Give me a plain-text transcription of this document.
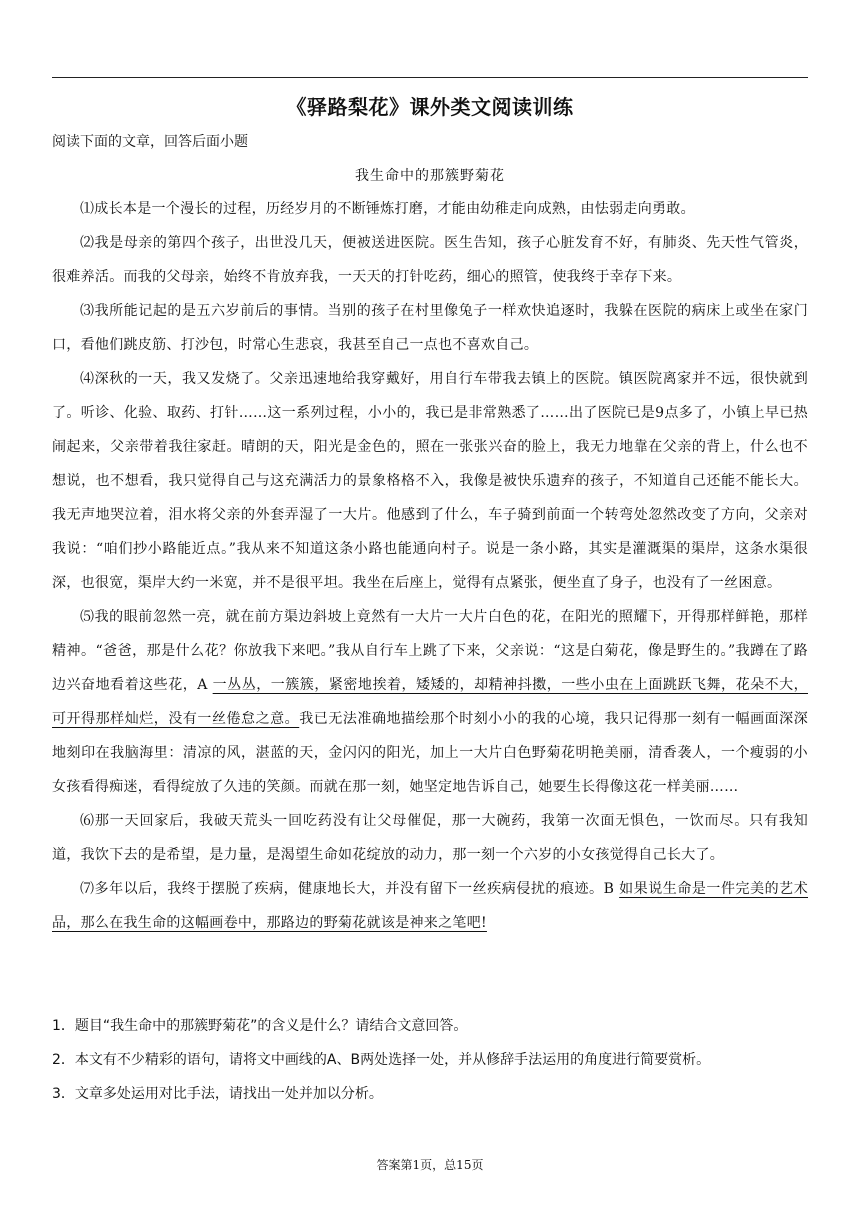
《驿路梨花》课外类文阅读训练
阅读下面的文章，回答后面小题
我生命中的那簇野菊花

⑴成长本是一个漫长的过程，历经岁月的不断锤炼打磨，才能由幼稚走向成熟，由怯弱走向勇敢。

⑵我是母亲的第四个孩子，出世没几天，便被送进医院。医生告知，孩子心脏发育不好，有肺炎、先天性气管炎，很难养活。而我的父母亲，始终不肯放弃我，一天天的打针吃药，细心的照管，使我终于幸存下来。

⑶我所能记起的是五六岁前后的事情。当别的孩子在村里像兔子一样欢快追逐时，我躲在医院的病床上或坐在家门口，看他们跳皮筋、打沙包，时常心生悲哀，我甚至自己一点也不喜欢自己。

⑷深秋的一天，我又发烧了。父亲迅速地给我穿戴好，用自行车带我去镇上的医院。镇医院离家并不远，很快就到了。听诊、化验、取药、打针……这一系列过程，小小的，我已是非常熟悉了……出了医院已是9点多了，小镇上早已热闹起来，父亲带着我往家赶。晴朗的天，阳光是金色的，照在一张张兴奋的脸上，我无力地靠在父亲的背上，什么也不想说，也不想看，我只觉得自己与这充满活力的景象格格不入，我像是被快乐遗弃的孩子，不知道自己还能不能长大。我无声地哭泣着，泪水将父亲的外套弄湿了一大片。他感到了什么，车子骑到前面一个转弯处忽然改变了方向，父亲对我说：“咱们抄小路能近点。”我从来不知道这条小路也能通向村子。说是一条小路，其实是灌溉渠的渠岸，这条水渠很深，也很宽，渠岸大约一米宽，并不是很平坦。我坐在后座上，觉得有点紧张，便坐直了身子，也没有了一丝困意。

⑸我的眼前忽然一亮，就在前方渠边斜坡上竟然有一大片一大片白色的花，在阳光的照耀下，开得那样鲜艳，那样精神。“爸爸，那是什么花？你放我下来吧。”我从自行车上跳了下来，父亲说：“这是白菊花，像是野生的。”我蹲在了路边兴奋地看着这些花，A 一丛丛，一簇簇，紧密地挨着，矮矮的，却精神抖擞，一些小虫在上面跳跃飞舞，花朵不大，可开得那样灿烂，没有一丝倦怠之意。我已无法准确地描绘那个时刻小小的我的心境，我只记得那一刻有一幅画面深深地刻印在我脑海里：清凉的风，湛蓝的天，金闪闪的阳光，加上一大片白色野菊花明艳美丽，清香袭人，一个瘦弱的小女孩看得痴迷，看得绽放了久违的笑颜。而就在那一刻，她坚定地告诉自己，她要生长得像这花一样美丽……

⑹那一天回家后，我破天荒头一回吃药没有让父母催促，那一大碗药，我第一次面无惧色，一饮而尽。只有我知道，我饮下去的是希望，是力量，是渴望生命如花绽放的动力，那一刻一个六岁的小女孩觉得自己长大了。

⑺多年以后，我终于摆脱了疾病，健康地长大，并没有留下一丝疾病侵扰的痕迹。B 如果说生命是一件完美的艺术品，那么在我生命的这幅画卷中，那路边的野菊花就该是神来之笔吧!

1．题目“我生命中的那簇野菊花”的含义是什么？请结合文意回答。

2．本文有不少精彩的语句，请将文中画线的A、B两处选择一处，并从修辞手法运用的角度进行简要赏析。

3．文章多处运用对比手法，请找出一处并加以分析。

答案第1页，总15页
